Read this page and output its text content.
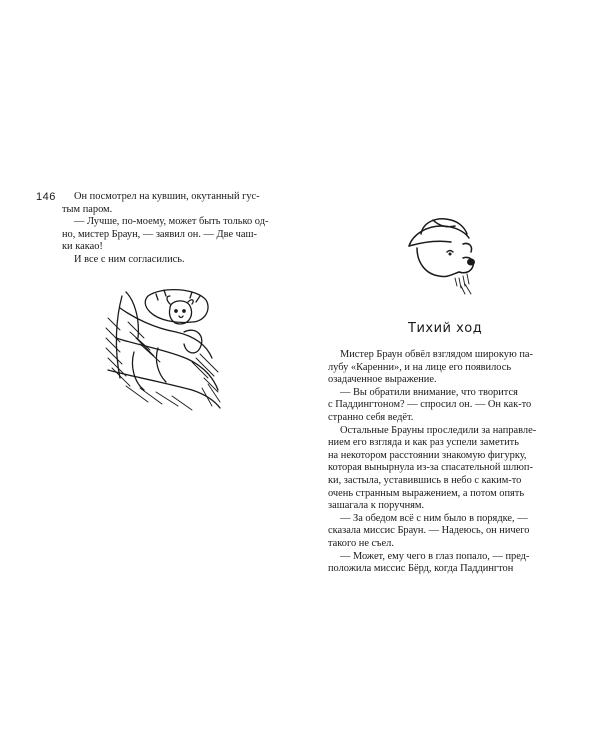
146	Он посмотрел на кувшин, окутанный гус-

тым паром.

— Лучше, по-моему, может быть только од-

но, мистер Браун, — заявил он. — Две чаш-

ки какао!

И все с ним согласились.

Тихий ход

Мистер Браун обвёл взглядом широкую па-

лубу «Каренни», и на лице его появилось

озадаченное выражение.

— Вы обратили внимание, что творится

с Паддингтоном? — спросил он. — Он как-то

странно себя ведёт.

Остальные Брауны проследили за направле-

нием его взгляда и как раз успели заметить

на некотором расстоянии знакомую фигурку,

которая вынырнула из-за спасательной шлюп-

ки, застыла, уставившись в небо с каким-то

очень странным выражением, а потом опять

зашагала к поручням.

— За обедом всё с ним было в порядке, —

сказала миссис Браун. — Надеюсь, он ничего

такого не съел.

— Может, ему чего в глаз попало, — пред-

положила миссис Бёрд, когда Паддингтон
